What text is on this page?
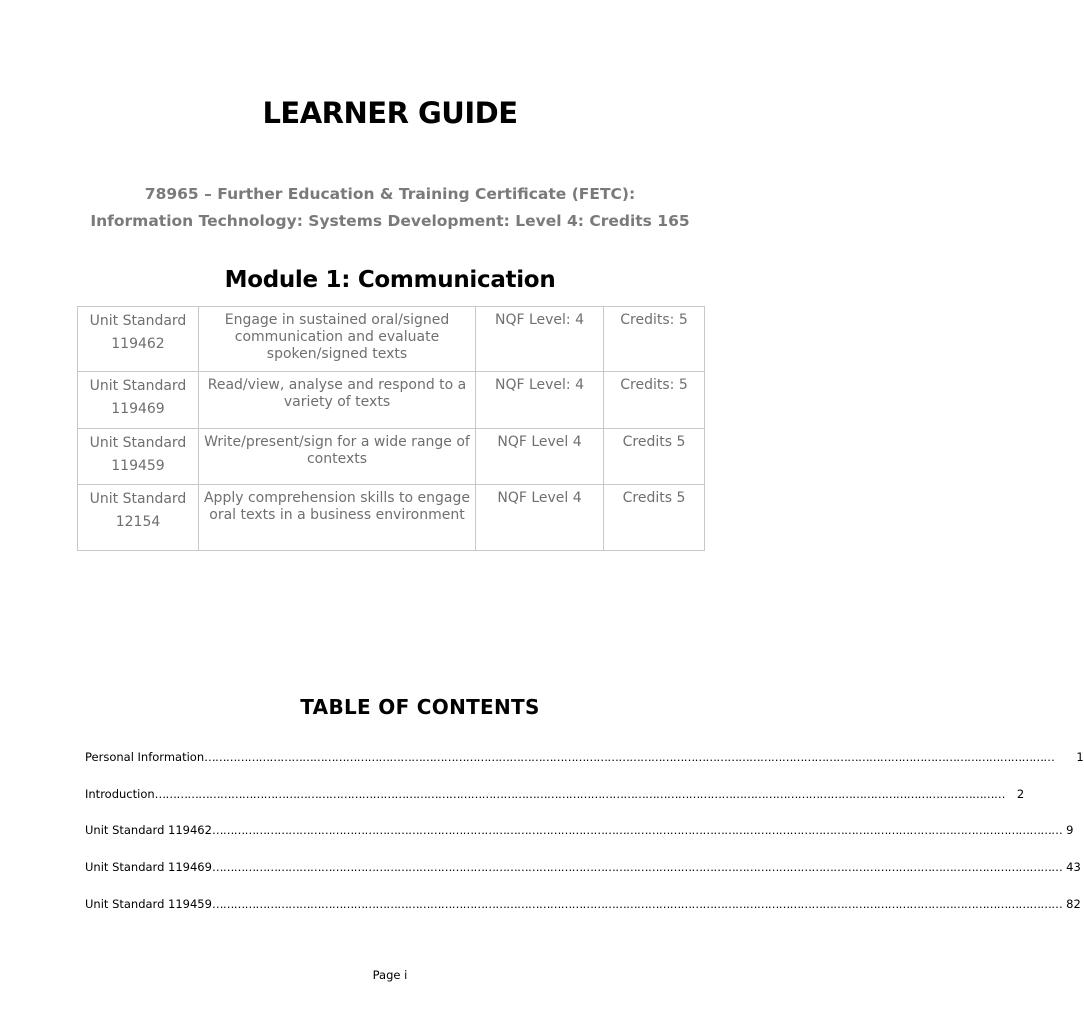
LEARNER GUIDE
78965 – Further Education & Training Certificate (FETC):
Information Technology: Systems Development: Level 4: Credits 165
Module 1: Communication
Unit Standard
119462	Engage in sustained oral/signed communication and evaluate spoken/signed texts	NQF Level: 4	Credits: 5
Unit Standard
119469	Read/view, analyse and respond to a variety of texts	NQF Level: 4	Credits: 5
Unit Standard
119459	Write/present/sign for a wide range of contexts	NQF Level 4	Credits 5
Unit Standard
12154	Apply comprehension skills to engage oral texts in a business environment	NQF Level 4	Credits 5
TABLE OF CONTENTS
Personal Information ………………………………………………………………………………………………………………………………………………………………………………………………………………	1
Introduction ………………………………………………………………………………………………………………………………………………………………………………………………………………	2
Unit Standard 119462 ……………………………………………………………………………………………………………………………………………………………………………………………………………… 9
Unit Standard 119469 ……………………………………………………………………………………………………………………………………………………………………………………………………………… 43
Unit Standard 119459 ……………………………………………………………………………………………………………………………………………………………………………………………………………… 82
Page i
